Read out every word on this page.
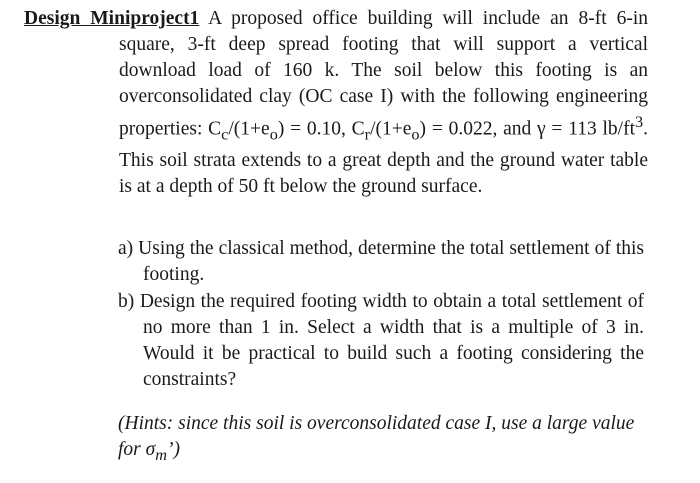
Design Miniproject1 A proposed office building will include an 8-ft 6-in square, 3-ft deep spread footing that will support a vertical download load of 160 k. The soil below this footing is an overconsolidated clay (OC case I) with the following engineering properties: $C_c/(1+e_o) = 0.10$, $C_r/(1+e_o) = 0.022$, and γ = 113 $lb/ft^3$. This soil strata extends to a great depth and the ground water table is at a depth of 50 ft below the ground surface.

a) Using the classical method, determine the total settlement of this footing.

b) Design the required footing width to obtain a total settlement of no more than 1 in. Select a width that is a multiple of 3 in. Would it be practical to build such a footing considering the constraints?

(Hints: since this soil is overconsolidated case I, use a large value for $\sigma_m$’)
